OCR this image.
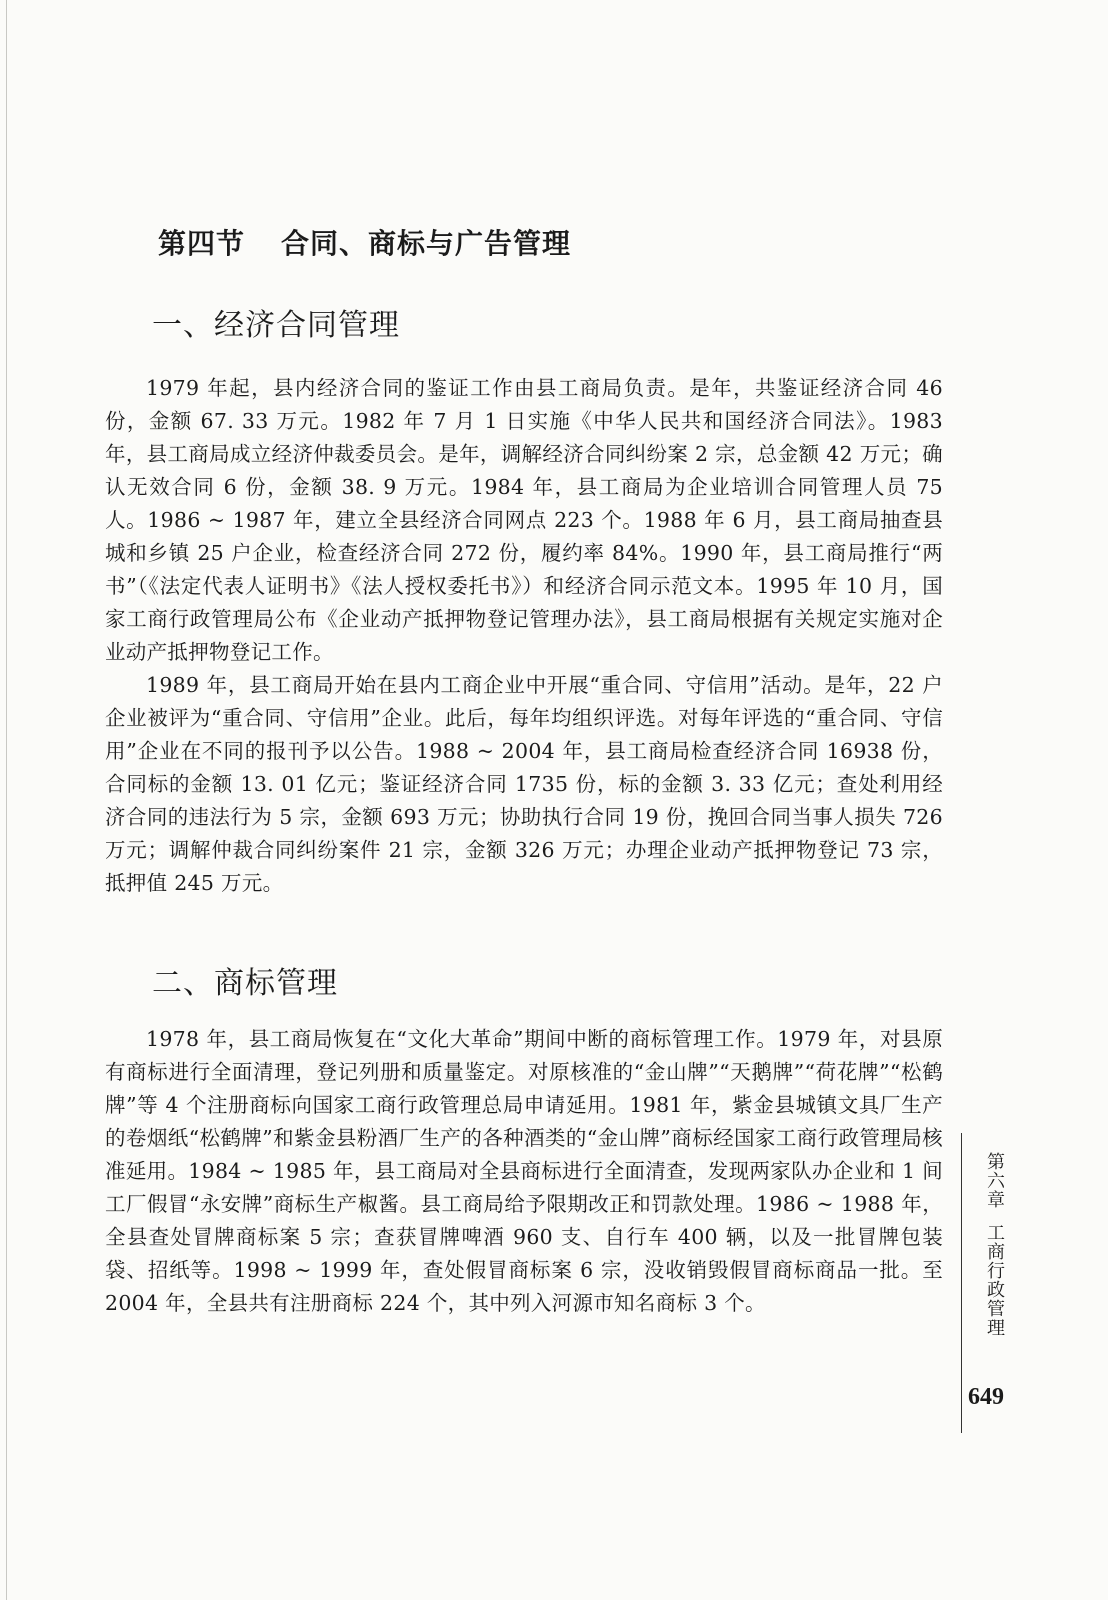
第四节 合同、商标与广告管理
一、经济合同管理

1979 年起，县内经济合同的鉴证工作由县工商局负责。是年，共鉴证经济合同 46 份，金额 67. 33 万元。1982 年 7 月 1 日实施《中华人民共和国经济合同法》。1983 年，县工商局成立经济仲裁委员会。是年，调解经济合同纠纷案 2 宗，总金额 42 万元；确认无效合同 6 份，金额 38. 9 万元。1984 年，县工商局为企业培训合同管理人员 75 人。1986 ~ 1987 年，建立全县经济合同网点 223 个。1988 年 6 月，县工商局抽查县城和乡镇 25 户企业，检查经济合同 272 份，履约率 84%。1990 年，县工商局推行“两书”（《法定代表人证明书》《法人授权委托书》）和经济合同示范文本。1995 年 10 月，国家工商行政管理局公布《企业动产抵押物登记管理办法》，县工商局根据有关规定实施对企业动产抵押物登记工作。

1989 年，县工商局开始在县内工商企业中开展“重合同、守信用”活动。是年，22 户企业被评为“重合同、守信用”企业。此后，每年均组织评选。对每年评选的“重合同、守信用”企业在不同的报刊予以公告。1988 ~ 2004 年，县工商局检查经济合同 16938 份，合同标的金额 13. 01 亿元；鉴证经济合同 1735 份，标的金额 3. 33 亿元；查处利用经济合同的违法行为 5 宗，金额 693 万元；协助执行合同 19 份，挽回合同当事人损失 726 万元；调解仲裁合同纠纷案件 21 宗，金额 326 万元；办理企业动产抵押物登记 73 宗，抵押值 245 万元。

二、商标管理

1978 年，县工商局恢复在“文化大革命”期间中断的商标管理工作。1979 年，对县原有商标进行全面清理，登记列册和质量鉴定。对原核准的“金山牌”“天鹅牌”“荷花牌”“松鹤牌”等 4 个注册商标向国家工商行政管理总局申请延用。1981 年，紫金县城镇文具厂生产的卷烟纸“松鹤牌”和紫金县粉酒厂生产的各种酒类的“金山牌”商标经国家工商行政管理局核准延用。1984 ~ 1985 年，县工商局对全县商标进行全面清查，发现两家队办企业和 1 间工厂假冒“永安牌”商标生产椒酱。县工商局给予限期改正和罚款处理。1986 ~ 1988 年，全县查处冒牌商标案 5 宗；查获冒牌啤酒 960 支、自行车 400 辆，以及一批冒牌包装袋、招纸等。1998 ~ 1999 年，查处假冒商标案 6 宗，没收销毁假冒商标商品一批。至 2004 年，全县共有注册商标 224 个，其中列入河源市知名商标 3 个。

第六章工商行政管理
649
